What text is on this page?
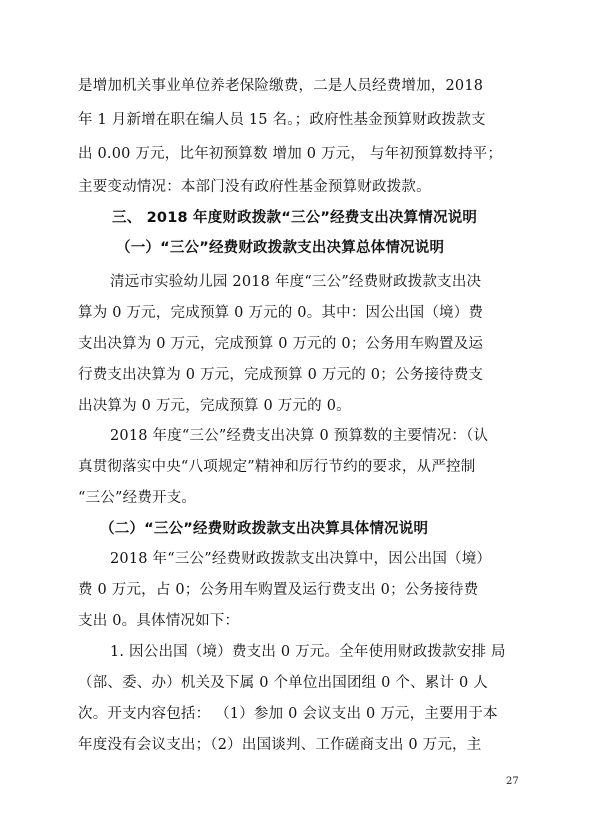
是增加机关事业单位养老保险缴费，二是人员经费增加，2018
年 1 月新增在职在编人员 15 名。；政府性基金预算财政拨款支
出 0.00 万元，比年初预算数 增加 0 万元， 与年初预算数持平；
主要变动情况：本部门没有政府性基金预算财政拨款。
三、 2018 年度财政拨款“三公”经费支出决算情况说明
（一）“三公”经费财政拨款支出决算总体情况说明
清远市实验幼儿园 2018 年度“三公”经费财政拨款支出决
算为 0 万元，完成预算 0 万元的 0。其中：因公出国（境）费
支出决算为 0 万元，完成预算 0 万元的 0；公务用车购置及运
行费支出决算为 0 万元，完成预算 0 万元的 0；公务接待费支
出决算为 0 万元，完成预算 0 万元的 0。
2018 年度“三公”经费支出决算 0 预算数的主要情况：（认
真贯彻落实中央“八项规定”精神和厉行节约的要求，从严控制
“三公”经费开支。
（二）“三公”经费财政拨款支出决算具体情况说明
2018 年“三公”经费财政拨款支出决算中，因公出国（境）
费 0 万元，占 0；公务用车购置及运行费支出 0；公务接待费
支出 0。具体情况如下：
1. 因公出国（境）费支出 0 万元。全年使用财政拨款安排 局
（部、委、办）机关及下属 0 个单位出国团组 0 个、累计 0 人
次。开支内容包括： （1）参加 0 会议支出 0 万元，主要用于本
年度没有会议支出；（2）出国谈判、工作磋商支出 0 万元，主
27
